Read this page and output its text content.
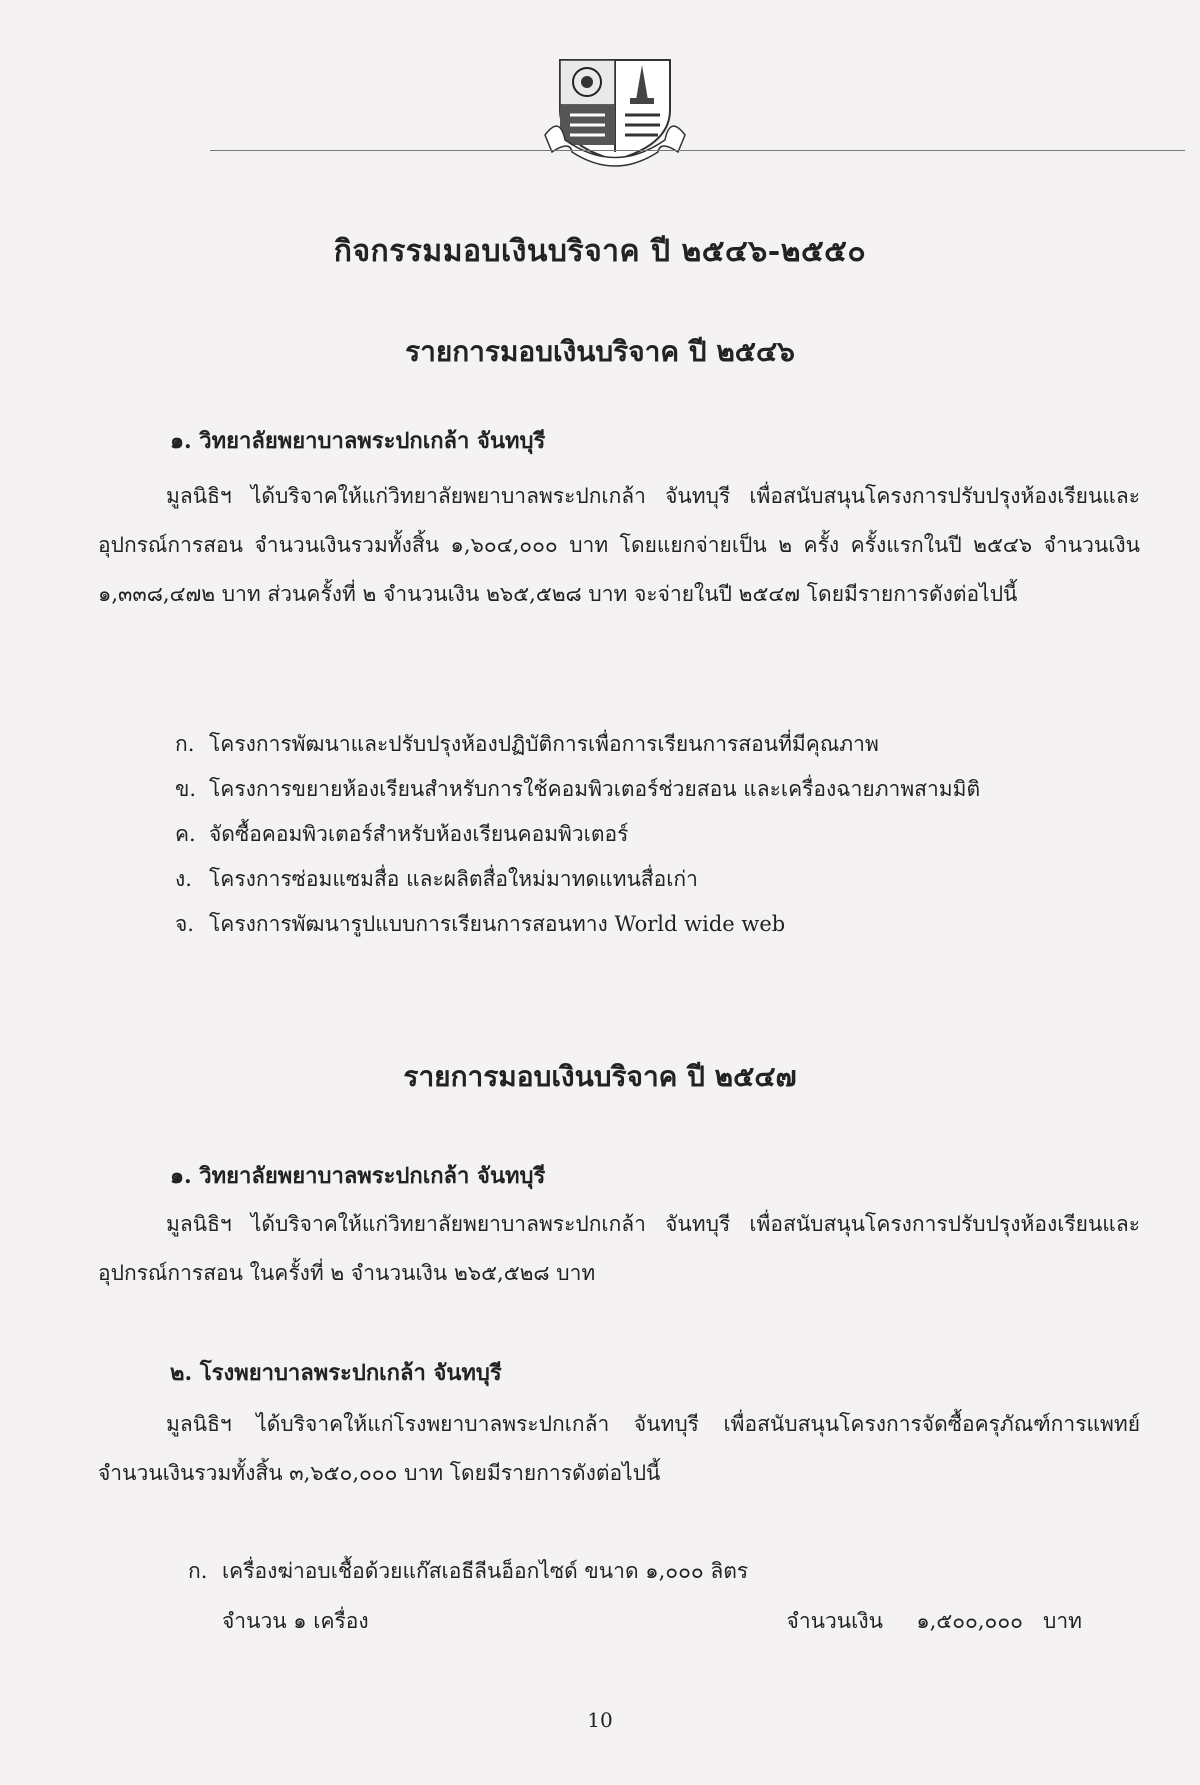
กิจกรรมมอบเงินบริจาค ปี ๒๕๔๖-๒๕๕๐
รายการมอบเงินบริจาค ปี ๒๕๔๖
๑. วิทยาลัยพยาบาลพระปกเกล้า จันทบุรี
มูลนิธิฯ ได้บริจาคให้แก่วิทยาลัยพยาบาลพระปกเกล้า จันทบุรี เพื่อสนับสนุนโครงการปรับปรุงห้องเรียนและอุปกรณ์การสอน จำนวนเงินรวมทั้งสิ้น ๑,๖๐๔,๐๐๐ บาท โดยแยกจ่ายเป็น ๒ ครั้ง ครั้งแรกในปี ๒๕๔๖ จำนวนเงิน ๑,๓๓๘,๔๗๒ บาท ส่วนครั้งที่ ๒ จำนวนเงิน ๒๖๕,๕๒๘ บาท จะจ่ายในปี ๒๕๔๗ โดยมีรายการดังต่อไปนี้
ก. โครงการพัฒนาและปรับปรุงห้องปฏิบัติการเพื่อการเรียนการสอนที่มีคุณภาพ
ข. โครงการขยายห้องเรียนสำหรับการใช้คอมพิวเตอร์ช่วยสอน และเครื่องฉายภาพสามมิติ
ค. จัดซื้อคอมพิวเตอร์สำหรับห้องเรียนคอมพิวเตอร์
ง. โครงการซ่อมแซมสื่อ และผลิตสื่อใหม่มาทดแทนสื่อเก่า
จ. โครงการพัฒนารูปแบบการเรียนการสอนทาง World wide web
รายการมอบเงินบริจาค ปี ๒๕๔๗
๑. วิทยาลัยพยาบาลพระปกเกล้า จันทบุรี
มูลนิธิฯ ได้บริจาคให้แก่วิทยาลัยพยาบาลพระปกเกล้า จันทบุรี เพื่อสนับสนุนโครงการปรับปรุงห้องเรียนและอุปกรณ์การสอน ในครั้งที่ ๒ จำนวนเงิน ๒๖๕,๕๒๘ บาท
๒. โรงพยาบาลพระปกเกล้า จันทบุรี
มูลนิธิฯ ได้บริจาคให้แก่โรงพยาบาลพระปกเกล้า จันทบุรี เพื่อสนับสนุนโครงการจัดซื้อครุภัณฑ์การแพทย์ จำนวนเงินรวมทั้งสิ้น ๓,๖๕๐,๐๐๐ บาท โดยมีรายการดังต่อไปนี้
ก. เครื่องฆ่าอบเชื้อด้วยแก๊สเอธีลีนอ็อกไซด์ ขนาด ๑,๐๐๐ ลิตร
จำนวน ๑ เครื่อง	จำนวนเงิน ๑,๕๐๐,๐๐๐ บาท
10
